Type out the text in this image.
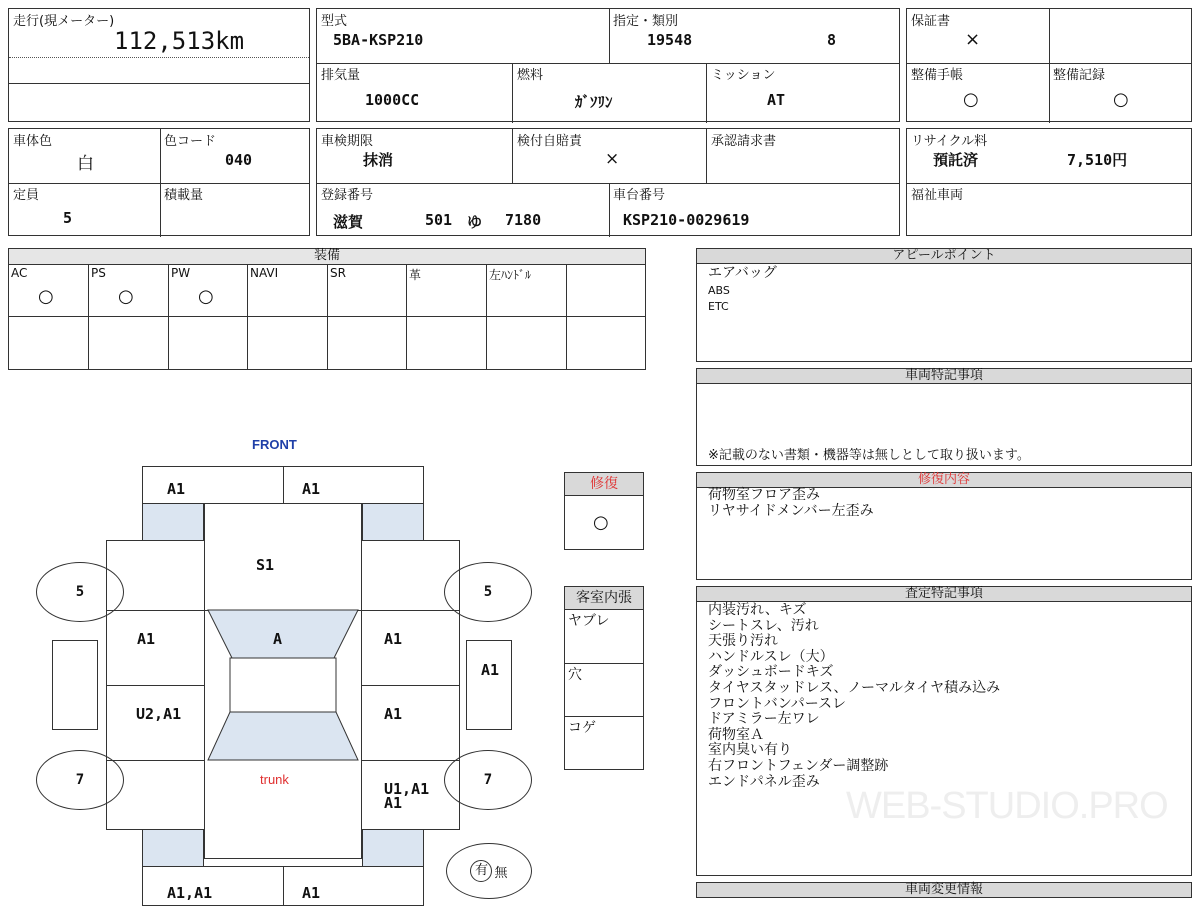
走行(現メーター)
112,513km
型式
5BA-KSP210
指定・類別
19548	8
排気量
1000CC
燃料
ｶﾞｿﾘﾝ
ミッション
AT
保証書
×
整備手帳
○
整備記録
○
車体色
白
色コード
040
定員
5
積載量
車検期限
抹消
検付自賠責
×
承認請求書
登録番号
滋賀	501 ゆ 7180
車台番号
KSP210-0029619
リサイクル料
預託済	7,510円
福祉車両
装備
AC
○
PS
○
PW
○
NAVI	SR	革	左ﾊﾝﾄﾞﾙ
アピールポイント
エアバッグ
ABS
ETC
車両特記事項
※記載のない書類・機器等は無しとして取り扱います。
修復内容
荷物室フロア歪み
リヤサイドメンバー左歪み
査定特記事項
内装汚れ、キズ
シートスレ、汚れ
天張り汚れ
ハンドルスレ（大）
ダッシュボードキズ
タイヤスタッドレス、ノーマルタイヤ積み込み
フロントバンパースレ
ドアミラー左ワレ
荷物室Ａ
室内臭い有り
右フロントフェンダー調整跡
エンドパネル歪み
WEB-STUDIO.PRO
車両変更情報
修復
○
客室内張
ヤブレ
穴
コゲ
FRONT
A1	A1
S1
A1
U2,A1
A1
A1
U1,A1
A1
A
trunk
A1
5	5
7	7
A1,A1	A1
有 無
